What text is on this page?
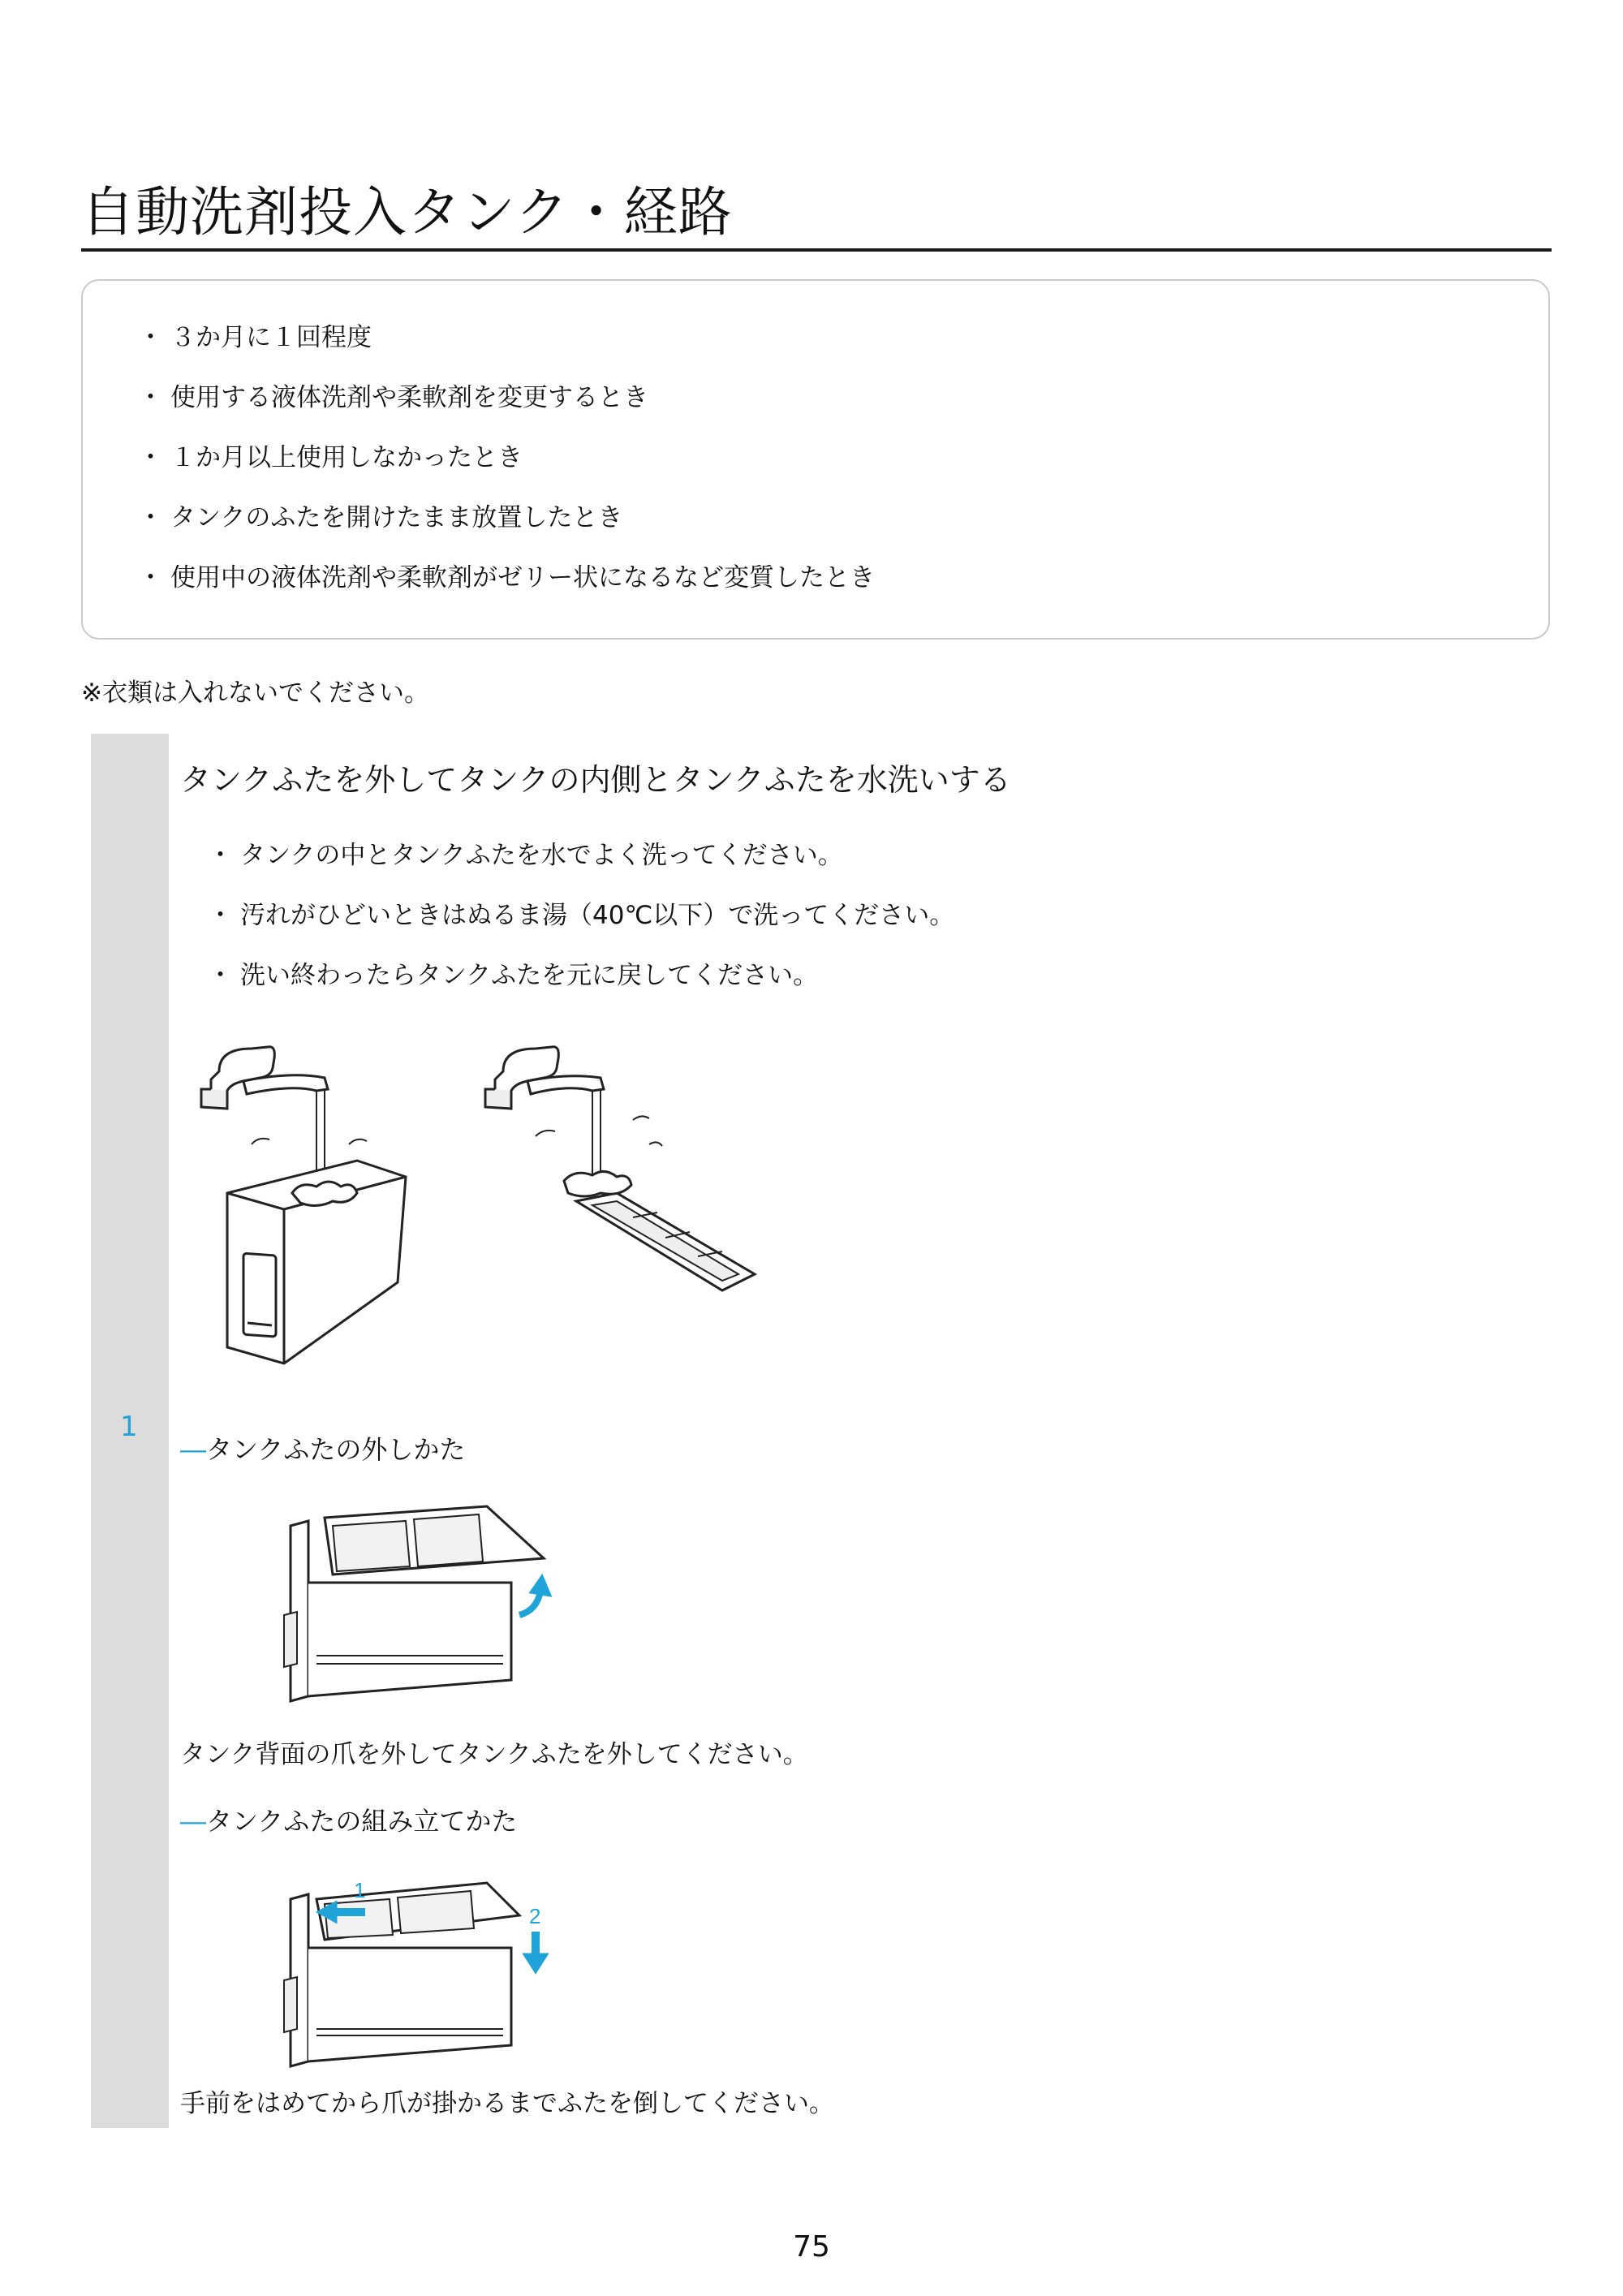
自動洗剤投入タンク・経路
・ ３か月に１回程度
・ 使用する液体洗剤や柔軟剤を変更するとき
・ １か月以上使用しなかったとき
・ タンクのふたを開けたまま放置したとき
・ 使用中の液体洗剤や柔軟剤がゼリー状になるなど変質したとき
※衣類は入れないでください。
1
タンクふたを外してタンクの内側とタンクふたを水洗いする
・ タンクの中とタンクふたを水でよく洗ってください。
・ 汚れがひどいときはぬるま湯（40℃以下）で洗ってください。
・ 洗い終わったらタンクふたを元に戻してください。
―タンクふたの外しかた
タンク背面の爪を外してタンクふたを外してください。
―タンクふたの組み立てかた
1
2
手前をはめてから爪が掛かるまでふたを倒してください。
75
